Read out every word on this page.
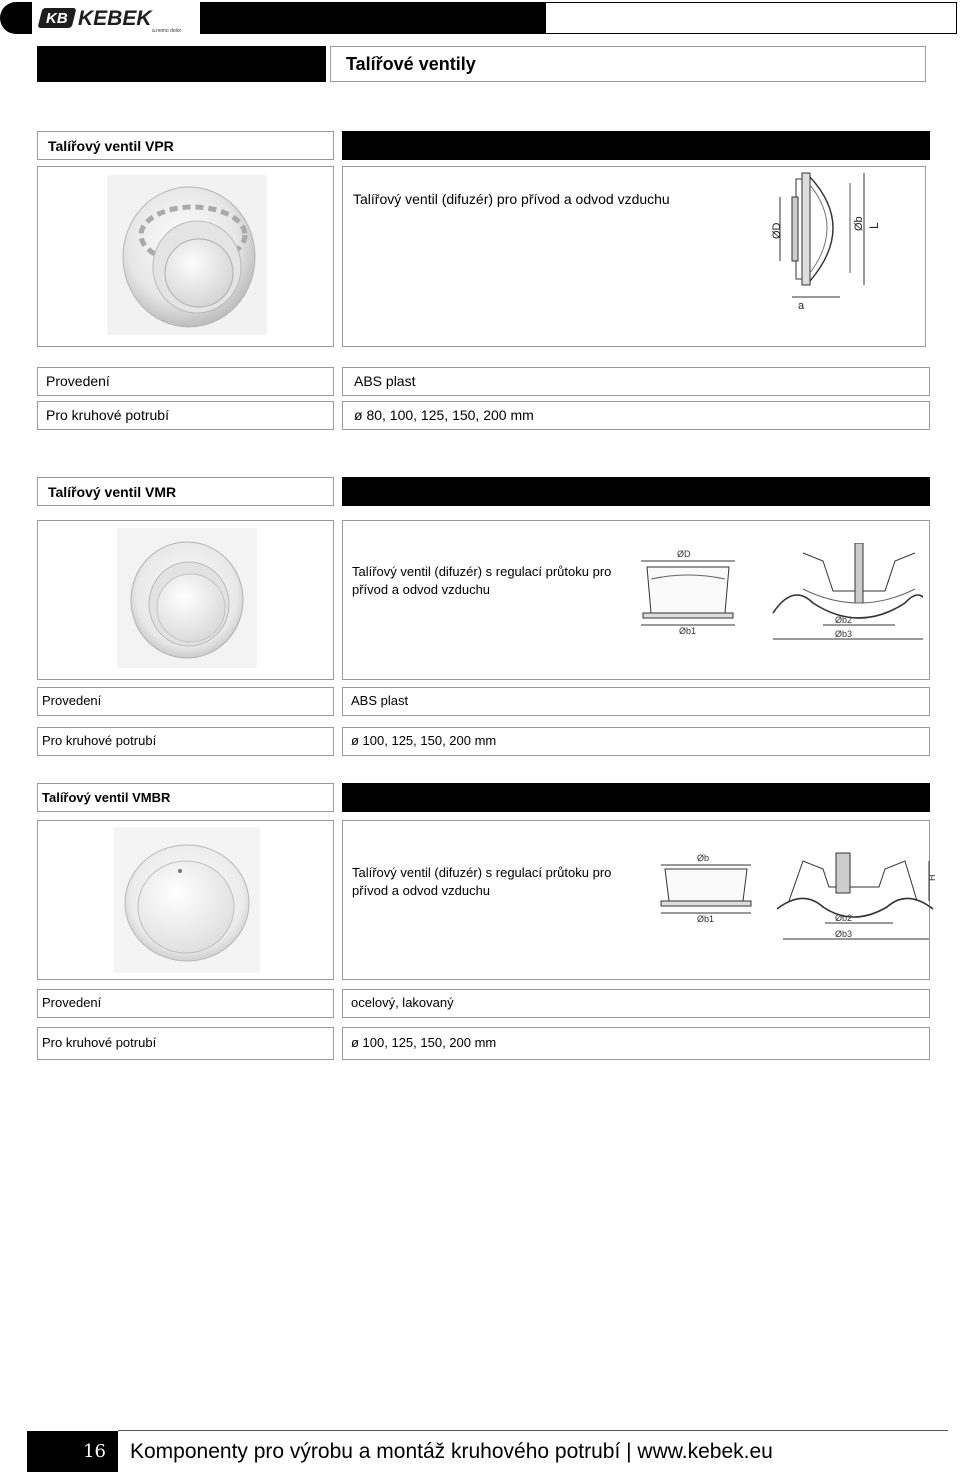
KB KEBEK
a.nemo dolor
Talířové ventily
Talířový ventil VPR
Talířový ventil (difuzér) pro přívod a odvod vzduchu
ØD	Øb L
a
Provedení	ABS plast
Pro kruhové potrubí	ø 80, 100, 125, 150, 200 mm
Talířový ventil VMR
Talířový ventil (difuzér) s regulací průtoku pro přívod a odvod vzduchu
ØD
Øb1
Øb2
Øb3
Provedení	ABS plast
Pro kruhové potrubí	ø 100, 125, 150, 200 mm
Talířový ventil VMBR
Talířový ventil (difuzér) s regulací průtoku pro přívod a odvod vzduchu
Øb
Øb1	Øb2
Øb3
H
Provedení	ocelový, lakovaný
Pro kruhové potrubí	ø 100, 125, 150, 200 mm
16 Komponenty pro výrobu a montáž kruhového potrubí | www.kebek.eu
